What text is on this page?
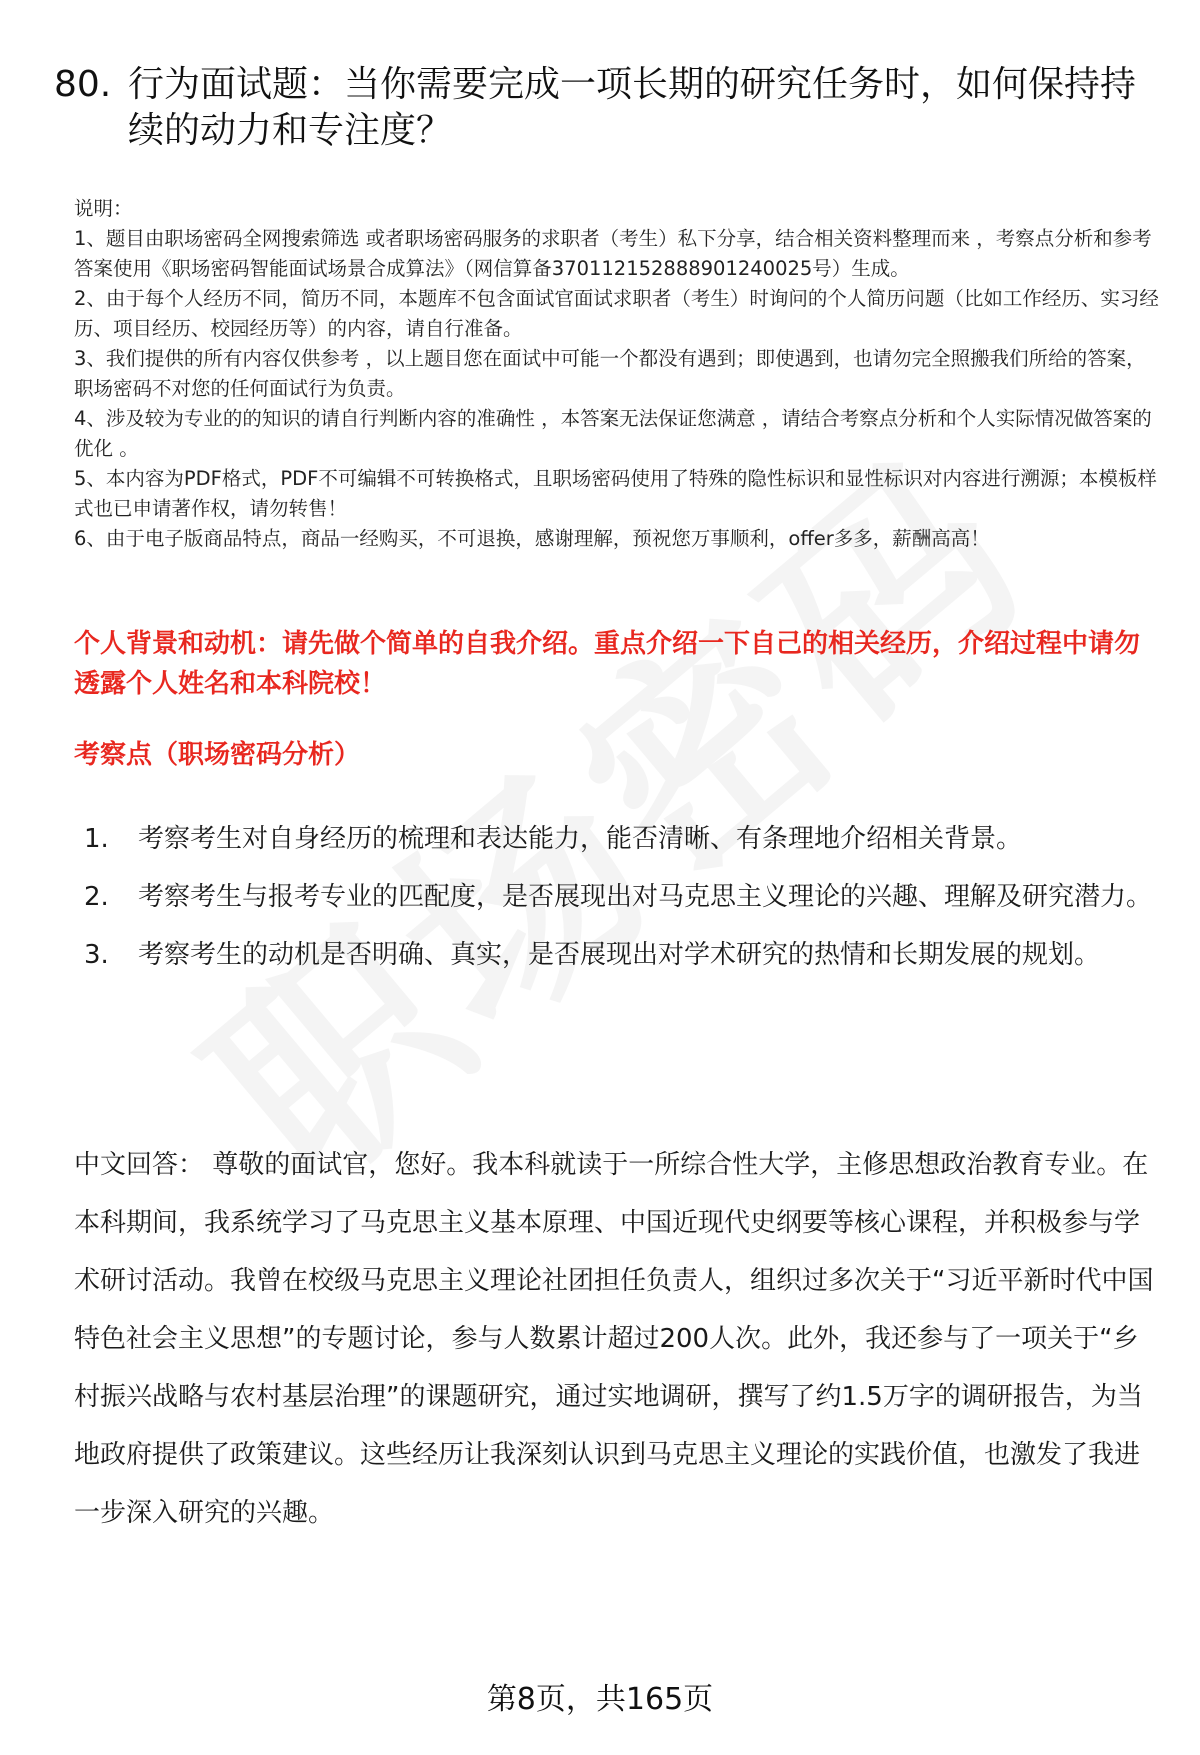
80. 行为面试题：当你需要完成一项长期的研究任务时，如何保持持续的动力和专注度？

说明：

1、题目由职场密码全网搜索筛选 或者职场密码服务的求职者（考生）私下分享，结合相关资料整理而来 ，考察点分析和参考答案使用《职场密码智能面试场景合成算法》（网信算备370112152888901240025号）生成。

2、由于每个人经历不同，简历不同，本题库不包含面试官面试求职者（考生）时询问的个人简历问题（比如工作经历、实习经历、项目经历、校园经历等）的内容，请自行准备。

3、我们提供的所有内容仅供参考 ，以上题目您在面试中可能一个都没有遇到；即使遇到，也请勿完全照搬我们所给的答案，职场密码不对您的任何面试行为负责。

4、涉及较为专业的的知识的请自行判断内容的准确性 ，本答案无法保证您满意 ，请结合考察点分析和个人实际情况做答案的优化 。

5、本内容为PDF格式，PDF不可编辑不可转换格式，且职场密码使用了特殊的隐性标识和显性标识对内容进行溯源；本模板样式也已申请著作权，请勿转售！

6、由于电子版商品特点，商品一经购买，不可退换，感谢理解，预祝您万事顺利，offer多多，薪酬高高！

个人背景和动机：请先做个简单的自我介绍。重点介绍一下自己的相关经历，介绍过程中请勿透露个人姓名和本科院校！
考察点（职场密码分析）
1.	考察考生对自身经历的梳理和表达能力，能否清晰、有条理地介绍相关背景。
2.	考察考生与报考专业的匹配度，是否展现出对马克思主义理论的兴趣、理解及研究潜力。
3.	考察考生的动机是否明确、真实，是否展现出对学术研究的热情和长期发展的规划。
中文回答： 尊敬的面试官，您好。我本科就读于一所综合性大学，主修思想政治教育专业。在本科期间，我系统学习了马克思主义基本原理、中国近现代史纲要等核心课程，并积极参与学术研讨活动。我曾在校级马克思主义理论社团担任负责人，组织过多次关于“习近平新时代中国特色社会主义思想”的专题讨论，参与人数累计超过200人次。此外，我还参与了一项关于“乡村振兴战略与农村基层治理”的课题研究，通过实地调研，撰写了约1.5万字的调研报告，为当地政府提供了政策建议。这些经历让我深刻认识到马克思主义理论的实践价值，也激发了我进一步深入研究的兴趣。
第8页，共165页
